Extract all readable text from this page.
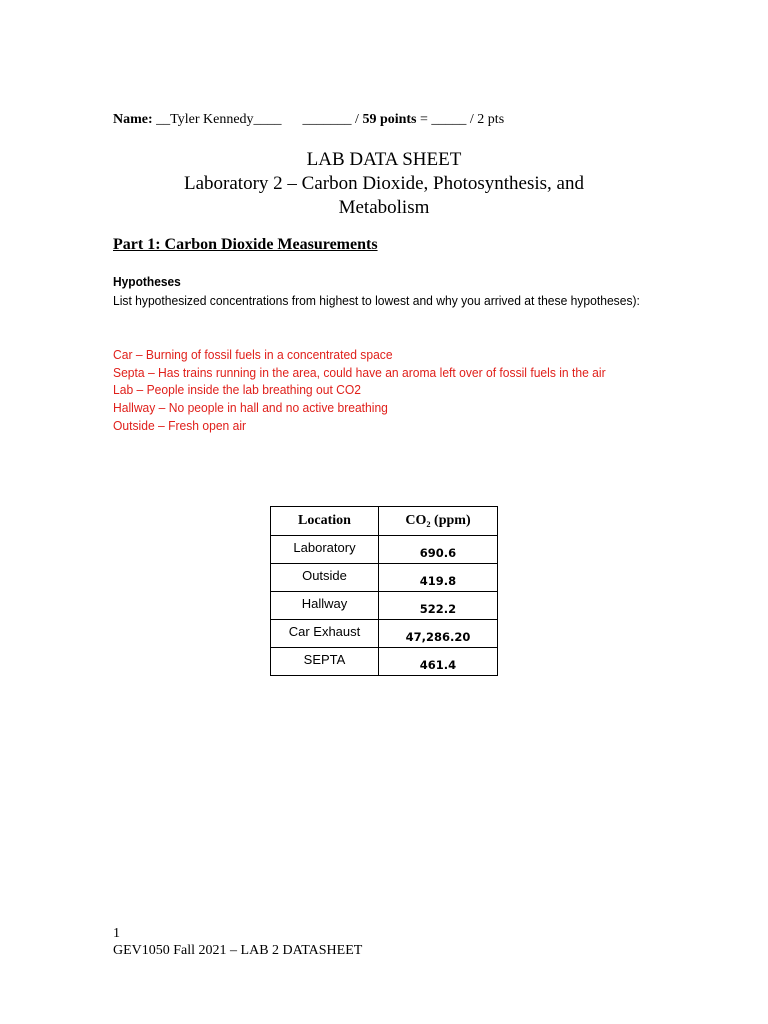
Name: __Tyler Kennedy____ _______ / 59 points = _____ / 2 pts
LAB DATA SHEET
Laboratory 2 – Carbon Dioxide, Photosynthesis, and
Metabolism
Part 1: Carbon Dioxide Measurements
Hypotheses
List hypothesized concentrations from highest to lowest and why you arrived at these hypotheses):
Car – Burning of fossil fuels in a concentrated space
Septa – Has trains running in the area, could have an aroma left over of fossil fuels in the air
Lab – People inside the lab breathing out CO2
Hallway – No people in hall and no active breathing
Outside – Fresh open air
Location	CO₂ (ppm)
Laboratory	690.6
Outside	419.8
Hallway	522.2
Car Exhaust	47,286.20
SEPTA	461.4
1
GEV1050 Fall 2021 – LAB 2 DATASHEET
